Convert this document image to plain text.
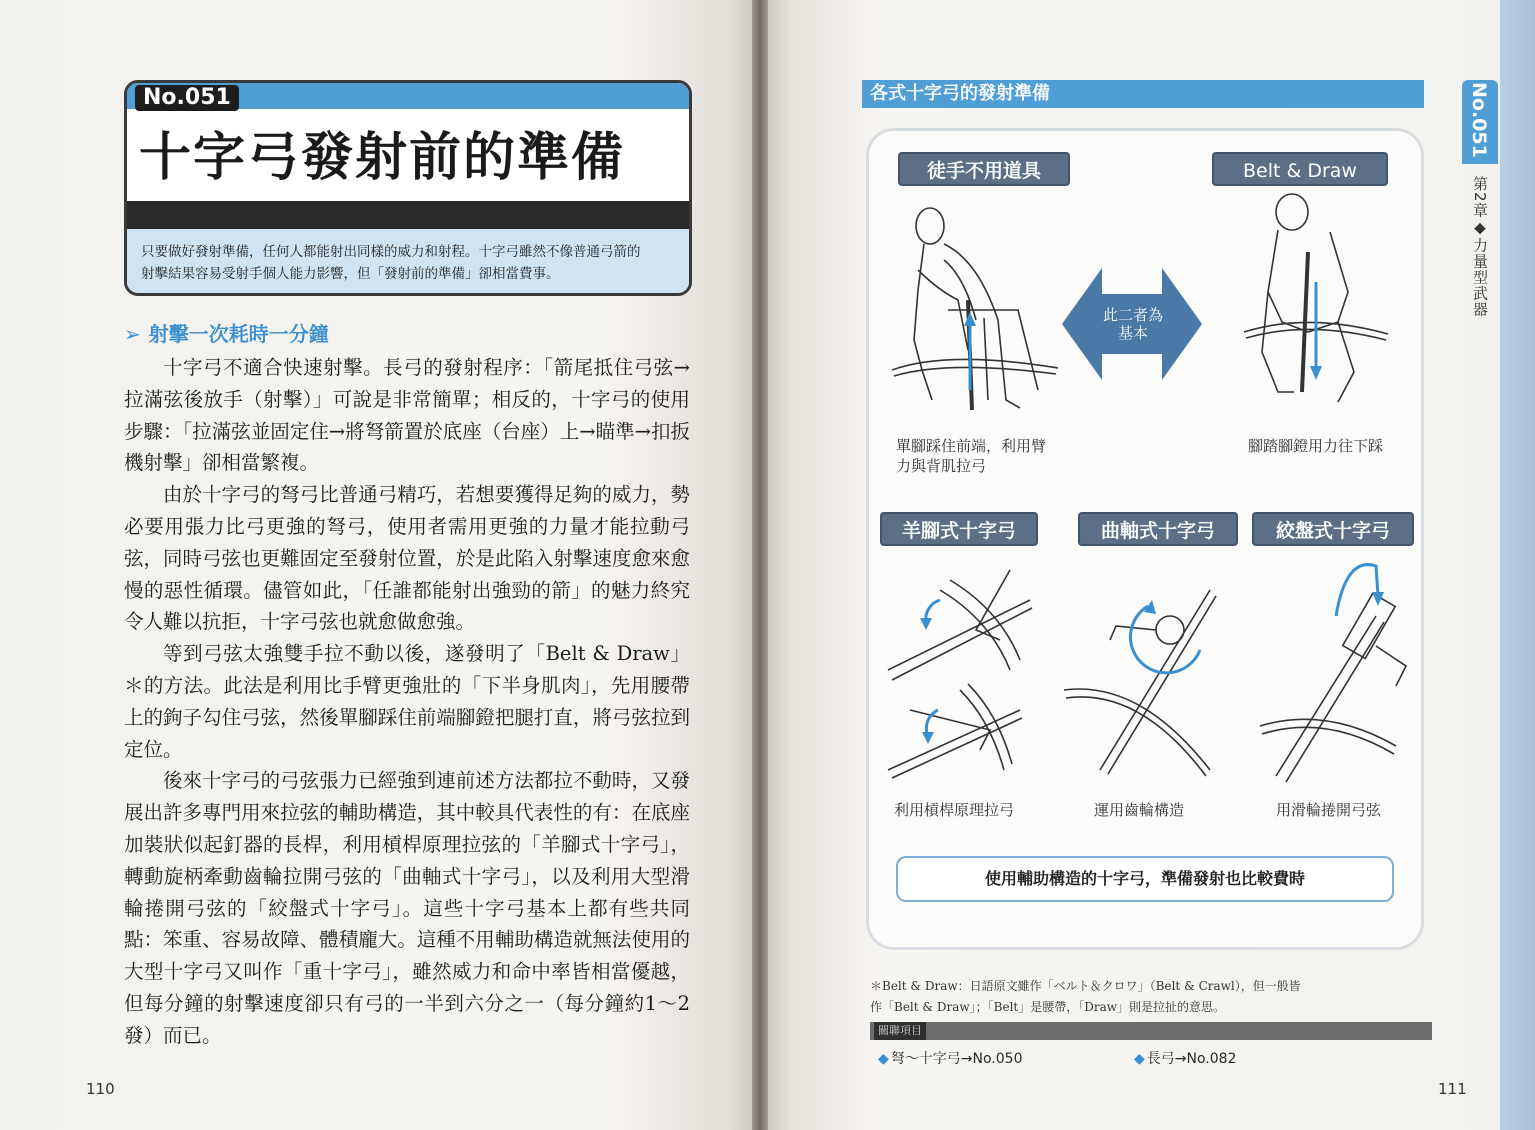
No.051
十字弓發射前的準備
只要做好發射準備，任何人都能射出同樣的威力和射程。十字弓雖然不像普通弓箭的
射擊結果容易受射手個人能力影響，但「發射前的準備」卻相當費事。
➢ 射擊一次耗時一分鐘

十字弓不適合快速射擊。長弓的發射程序：「箭尾抵住弓弦→拉滿弦後放手（射擊）」可說是非常簡單；相反的，十字弓的使用步驟：「拉滿弦並固定住→將弩箭置於底座（台座）上→瞄準→扣扳機射擊」卻相當繁複。

由於十字弓的弩弓比普通弓精巧，若想要獲得足夠的威力，勢必要用張力比弓更強的弩弓，使用者需用更強的力量才能拉動弓弦，同時弓弦也更難固定至發射位置，於是此陷入射擊速度愈來愈慢的惡性循環。儘管如此，「任誰都能射出強勁的箭」的魅力終究令人難以抗拒，十字弓弦也就愈做愈強。

等到弓弦太強雙手拉不動以後，遂發明了「Belt & Draw」＊的方法。此法是利用比手臂更強壯的「下半身肌肉」，先用腰帶上的鉤子勾住弓弦，然後單腳踩住前端腳鐙把腿打直，將弓弦拉到定位。

後來十字弓的弓弦張力已經強到連前述方法都拉不動時，又發展出許多專門用來拉弦的輔助構造，其中較具代表性的有：在底座加裝狀似起釘器的長桿，利用槓桿原理拉弦的「羊腳式十字弓」，轉動旋柄牽動齒輪拉開弓弦的「曲軸式十字弓」，以及利用大型滑輪捲開弓弦的「絞盤式十字弓」。這些十字弓基本上都有些共同點：笨重、容易故障、體積龐大。這種不用輔助構造就無法使用的大型十字弓又叫作「重十字弓」，雖然威力和命中率皆相當優越，但每分鐘的射擊速度卻只有弓的一半到六分之一（每分鐘約1～2發）而已。

110
各式十字弓的發射準備
徒手不用道具	Belt & Draw
此二者為基本
單腳踩住前端，利用臂力與背肌拉弓
腳踏腳鐙用力往下踩
羊腳式十字弓	曲軸式十字弓	絞盤式十字弓
利用槓桿原理拉弓	運用齒輪構造	用滑輪捲開弓弦
使用輔助構造的十字弓，準備發射也比較費時
＊Belt & Draw：日語原文雖作「ベルト＆クロワ」（Belt & Crawl），但一般皆
作「Belt & Draw」；「Belt」是腰帶，「Draw」則是拉扯的意思。
關聯項目
◆ 弩～十字弓→No.050	◆ 長弓→No.082
111
No.051
第2章◆力量型武器
